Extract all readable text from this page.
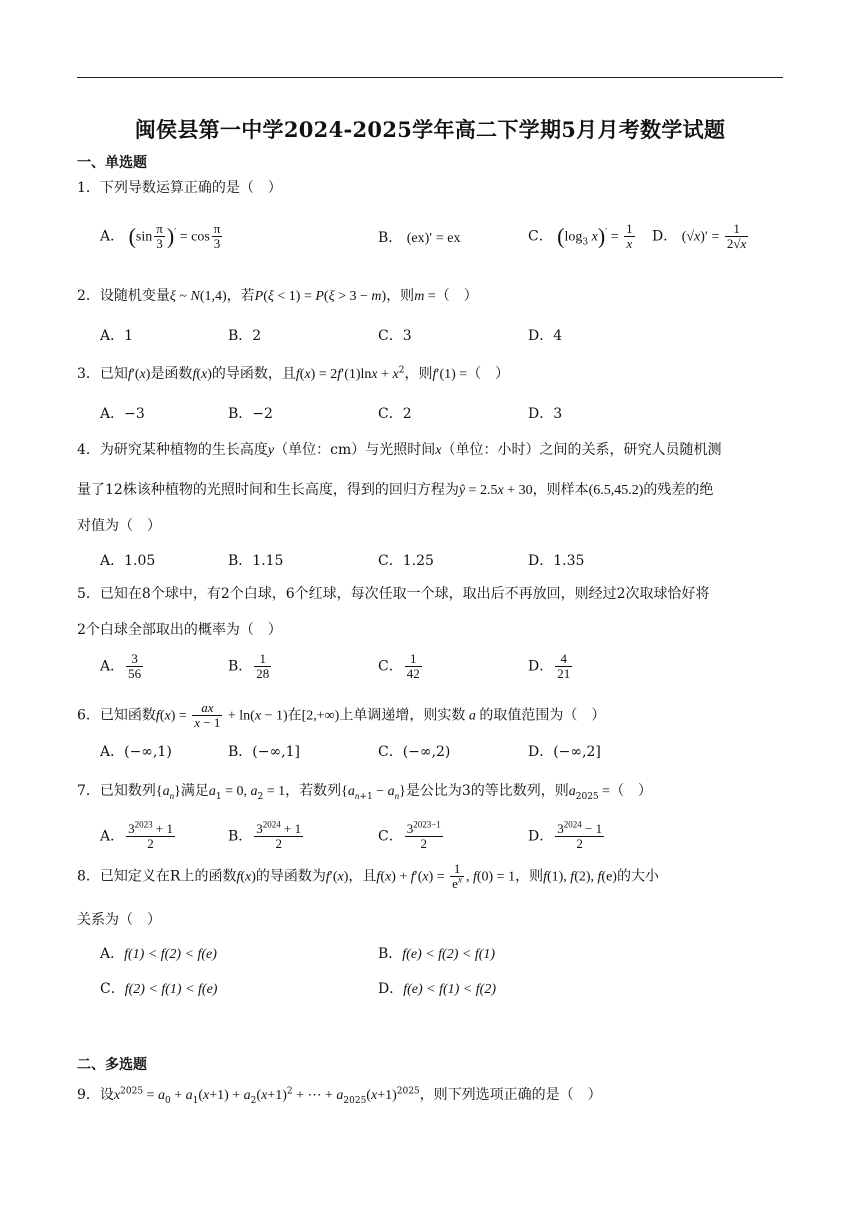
闽侯县第一中学2024-2025学年高二下学期5月月考数学试题
一、单选题
1．下列导数运算正确的是（　）
A． $(\sin \frac{\pi}{3} )' = \cos \frac{\pi}{3}$	B． (ex)′ = ex	C． ($\log_3$ $x)' = \frac{1}{x}$ D． $(√x)' = \frac{1}{2√x}$
2．设随机变量ξ ~ N(1,4)，若P(ξ < 1) = P(ξ > 3 − m)，则m =（　）
A．1	B．2	C．3	D．4
3．已知f′(x)是函数f(x)的导函数，且$f(x) = 2f'(1)\ln x + x^2$，则f′(1) =（　）
A．−3	B．−2	C．2	D．3
4．为研究某种植物的生长高度y（单位：cm）与光照时间x（单位：小时）之间的关系，研究人员随机测
量了12株该种植物的光照时间和生长高度，得到的回归方程为ŷ = 2.5x + 30，则样本(6.5,45.2)的残差的绝
对值为（　）
A．1.05	B．1.15	C．1.25	D．1.35
5．已知在8个球中，有2个白球，6个红球，每次任取一个球，取出后不再放回，则经过2次取球恰好将
2个白球全部取出的概率为（　）
A． $\frac{3}{56}$	B． $\frac{1}{28}$	C． $\frac{1}{42}$	D． $\frac{4}{21}$
6．已知函数$f(x) = \frac{ax}{x - 1} + \ln(x - 1)$在[2,+∞)上单调递增，则实数 a 的取值范围为（　）
A．(−∞,1)	B．(−∞,1]	C．(−∞,2)	D．(−∞,2]
7．已知数列$\{a_n\}$满足$a_1 = 0$, $a_2 = 1$，若数列$\{a_{n+1} - a_n\}$是公比为3的等比数列，则$a_{2025}$ =（　）
A． $\frac{3^{2023} + 1}{2}$	B． $\frac{3^{2024} + 1}{2}$	C． $\frac{3^{2023-1}}{2}$	D． $\frac{3^{2024} - 1}{2}$
8．已知定义在R上的函数f(x)的导函数为f′(x)，且$f(x) + f'(x) = \frac{1}{e^x}$ , f(0) = 1，则f(1), f(2), f(e)的大小
关系为（　）
A．f(1) < f(2) < f(e)	B．f(e) < f(2) < f(1)
C．f(2) < f(1) < f(e)	D．f(e) < f(1) < f(2)
二、多选题
9．设$x^{2025} = a_0 + a_1(x+1) + a_2(x+1)^2$ + ⋯ + $a_{2025}(x+1)^{2025}$，则下列选项正确的是（　）
